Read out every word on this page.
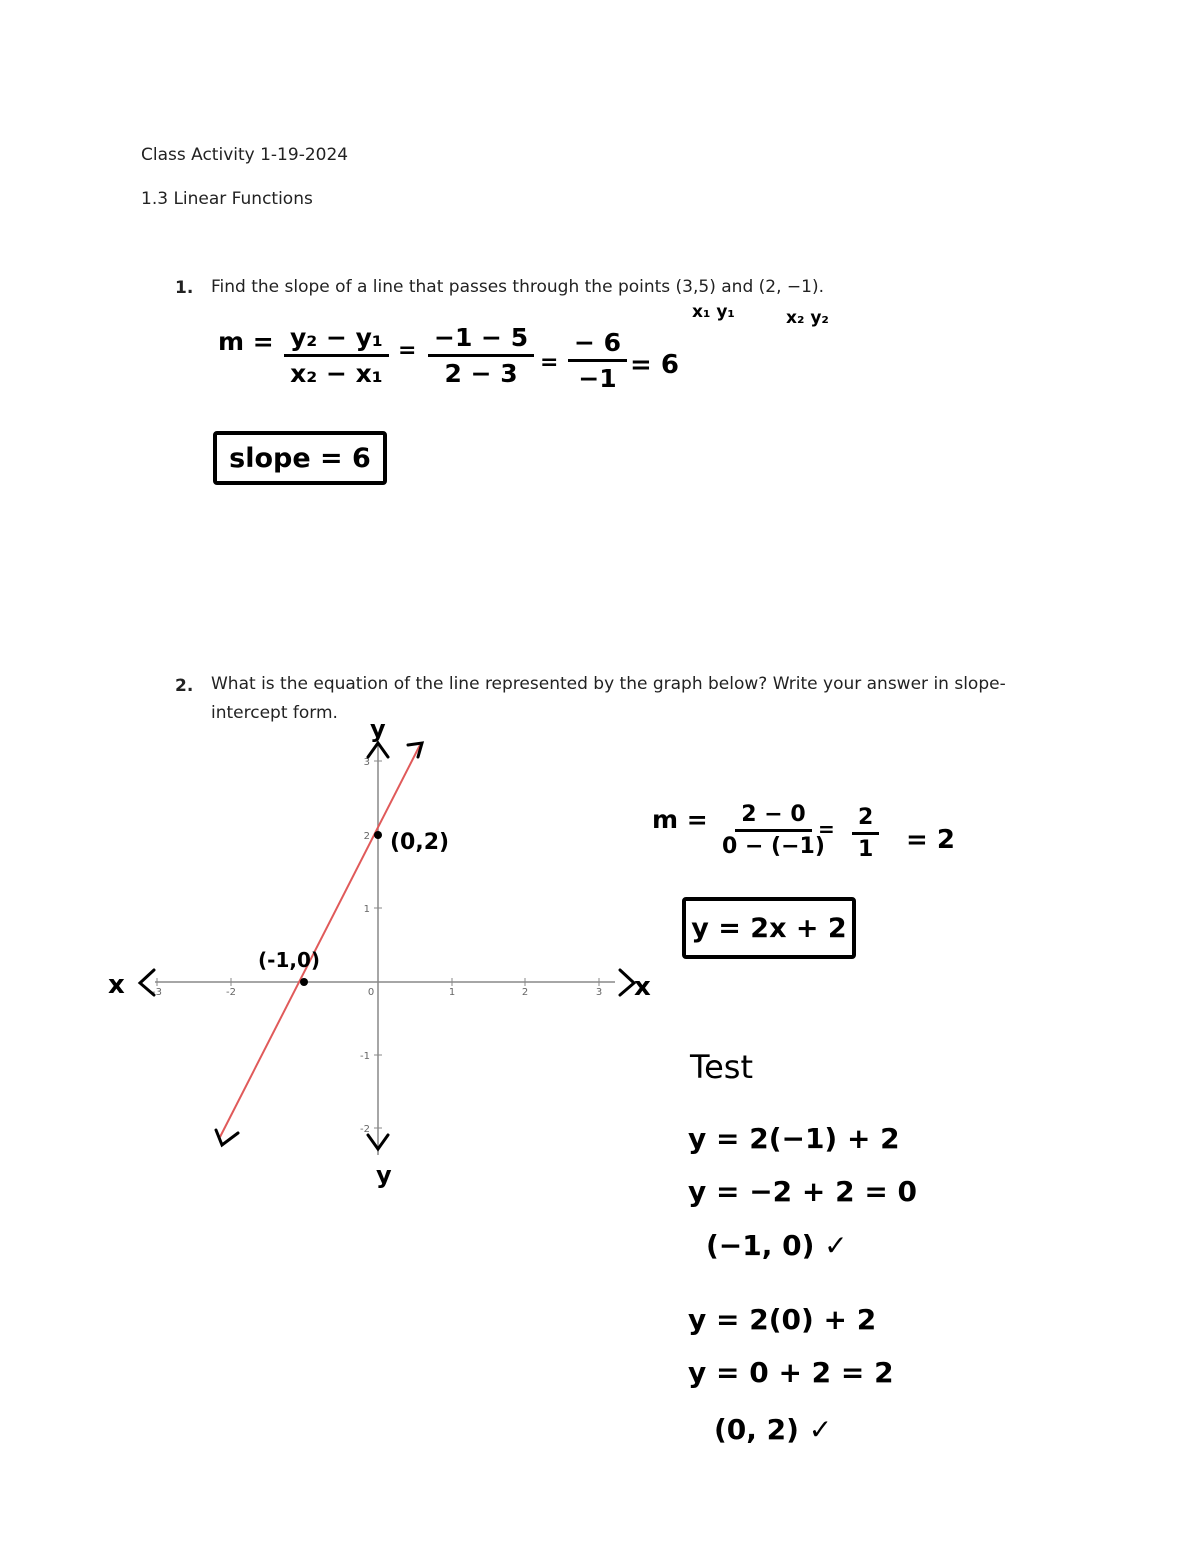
Class Activity 1-19-2024
1.3 Linear Functions
1. Find the slope of a line that passes through the points (3,5) and (2, −1).
x₁ y₁	x₂ y₂
$m = \frac{\text{y₂ − y₁}}{\text{x₂ − x₁}} = \frac{-1 - 5}{2 - 3} = \frac{- 6}{-1} = 6$
slope = 6
2. What is the equation of the line represented by the graph below? Write your answer in slope-intercept form.
-3	-2	0	1	2	3
3
2
1
-1
-2
x	x
y
y
(-1,0)
(0,2)
$m = \frac{2 - 0}{0 - (-1)}$
= $\frac{2}{1} = 2$
y = 2x + 2
Test
y = 2(−1) + 2
y = −2 + 2 = 0
(−1, 0) ✓
y = 2(0) + 2
y = 0 + 2 = 2
(0, 2) ✓
